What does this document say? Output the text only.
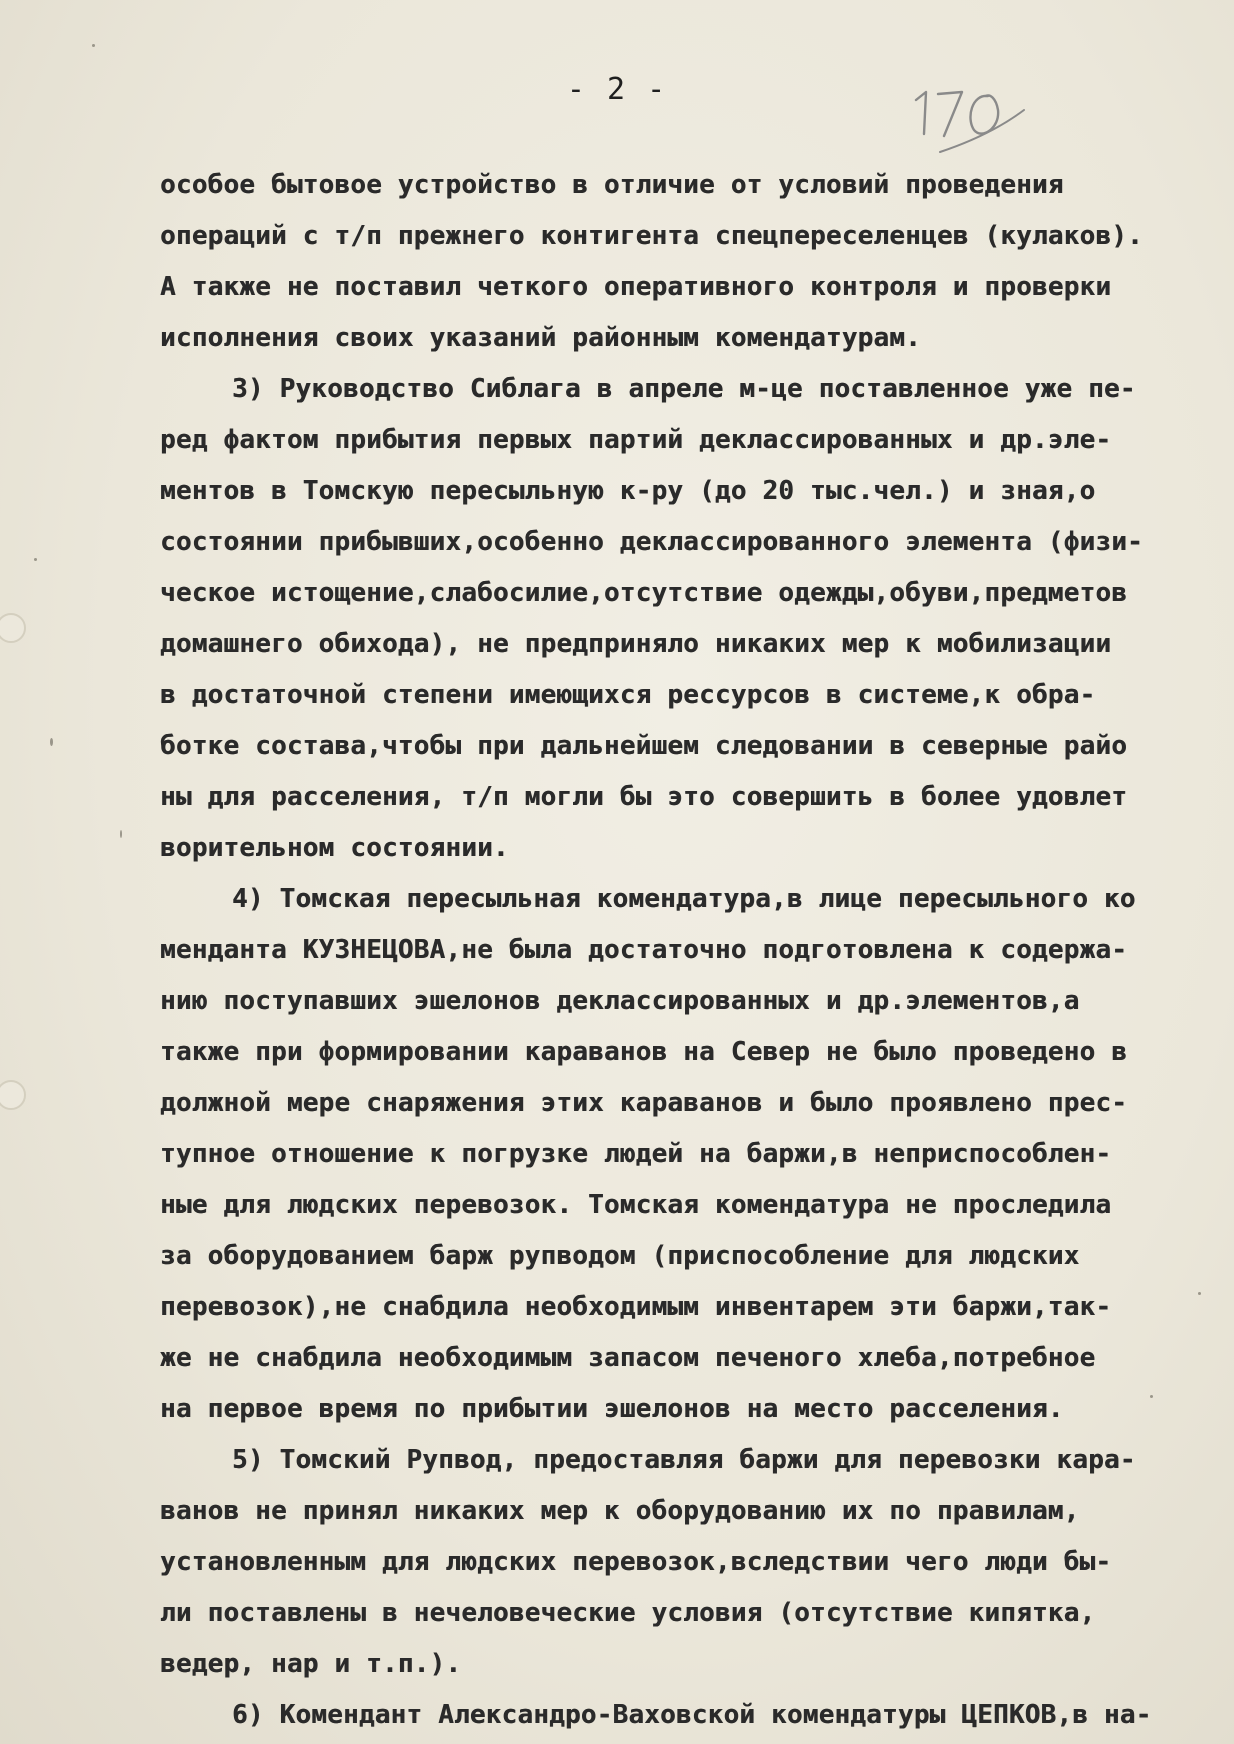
- 2 -
особое бытовое устройство в отличие от условий проведения
операций с т/п прежнего контигента спецпереселенцев (кулаков).
А также не поставил четкого оперативного контроля и проверки
исполнения своих указаний районным комендатурам.
3) Руководство Сиблага в апреле м-це поставленное уже пе-
ред фактом прибытия первых партий деклассированных и др.эле-
ментов в Томскую пересыльную к-ру (до 20 тыс.чел.) и зная,о
состоянии прибывших,особенно деклассированного элемента (физи-
ческое истощение,слабосилие,отсутствие одежды,обуви,предметов
домашнего обихода), не предприняло никаких мер к мобилизации
в достаточной степени имеющихся рессурсов в системе,к обра-
ботке состава,чтобы при дальнейшем следовании в северные райо
ны для расселения, т/п могли бы это совершить в более удовлет
ворительном состоянии.
4) Томская пересыльная комендатура,в лице пересыльного ко
менданта КУЗНЕЦОВА,не была достаточно подготовлена к содержа-
нию поступавших эшелонов деклассированных и др.элементов,а
также при формировании караванов на Север не было проведено в
должной мере снаряжения этих караванов и было проявлено прес-
тупное отношение к погрузке людей на баржи,в неприспособлен-
ные для людских перевозок. Томская комендатура не проследила
за оборудованием барж рупводом (приспособление для людских
перевозок),не снабдила необходимым инвентарем эти баржи,так-
же не снабдила необходимым запасом печеного хлеба,потребное
на первое время по прибытии эшелонов на место расселения.
5) Томский Рупвод, предоставляя баржи для перевозки кара-
ванов не принял никаких мер к оборудованию их по правилам,
установленным для людских перевозок,вследствии чего люди бы-
ли поставлены в нечеловеческие условия (отсутствие кипятка,
ведер, нар и т.п.).
6) Комендант Александро-Ваховской комендатуры ЦЕПКОВ,в на-
